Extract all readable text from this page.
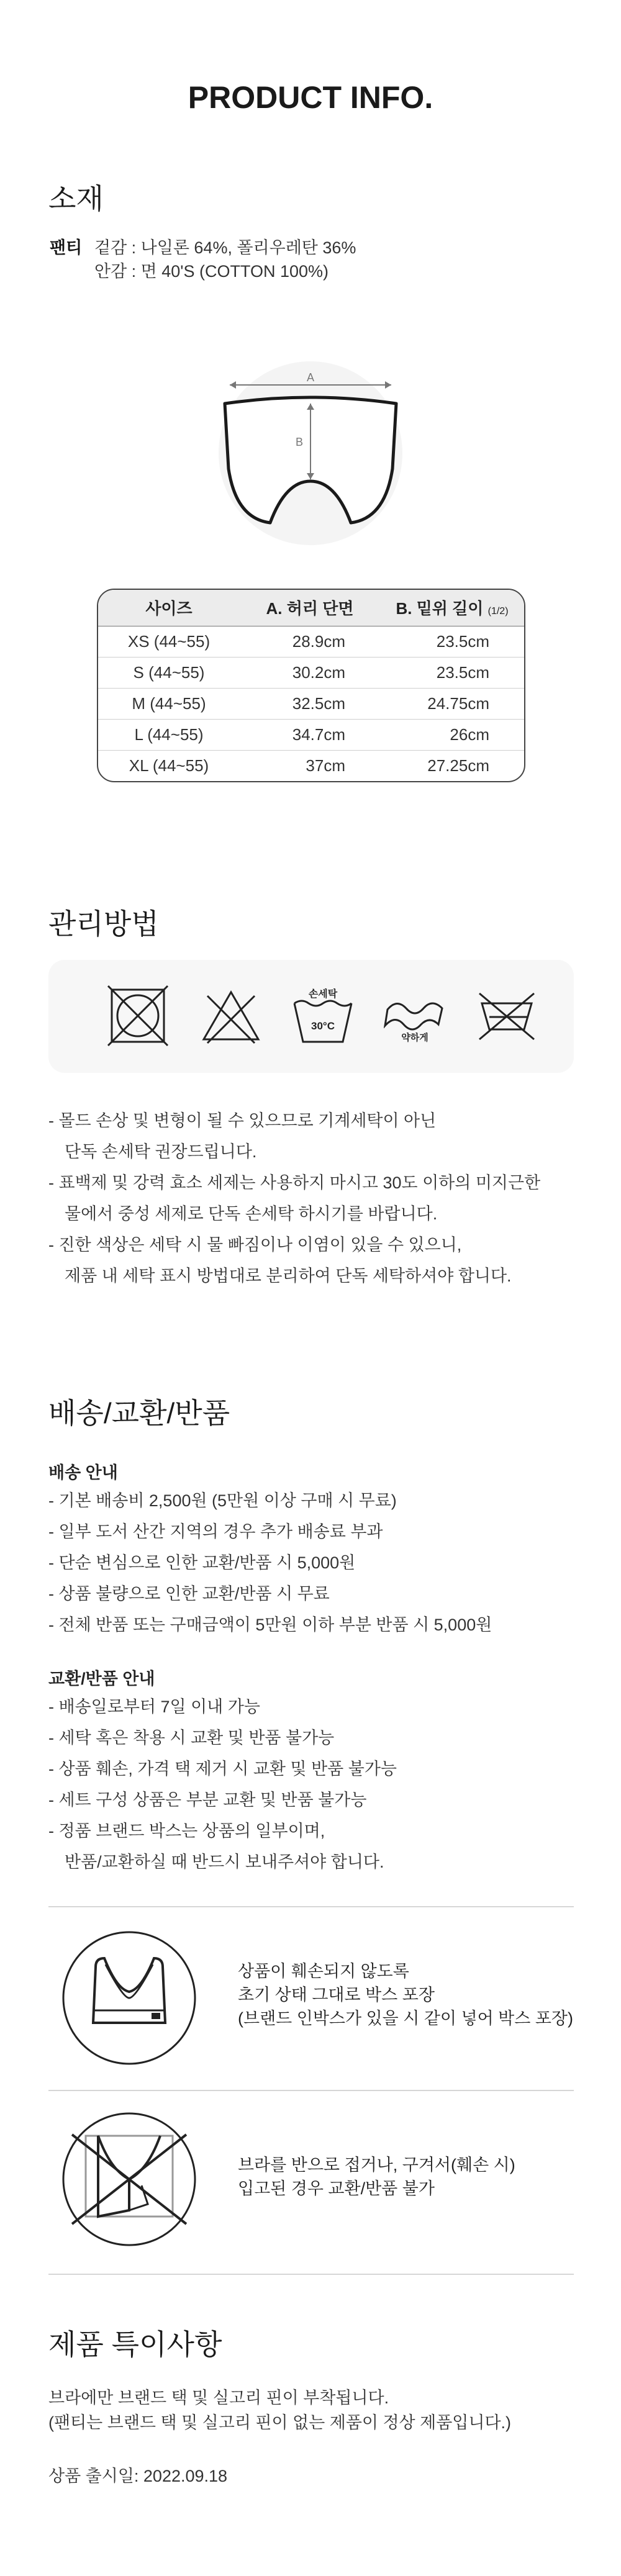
PRODUCT INFO.
소재
팬티 겉감 : 나일론 64%, 폴리우레탄 36%
안감 : 면 40'S (COTTON 100%)
A
B
사이즈	A. 허리 단면	B. 밑위 길이 (1/2)
XS (44~55)	28.9cm	23.5cm
S (44~55)	30.2cm	23.5cm
M (44~55)	32.5cm	24.75cm
L (44~55)	34.7cm	26cm
XL (44~55)	37cm	27.25cm
관리방법
손세탁
30°C
약하게
- 몰드 손상 및 변형이 될 수 있으므로 기계세탁이 아닌
단독 손세탁 권장드립니다.
- 표백제 및 강력 효소 세제는 사용하지 마시고 30도 이하의 미지근한
물에서 중성 세제로 단독 손세탁 하시기를 바랍니다.
- 진한 색상은 세탁 시 물 빠짐이나 이염이 있을 수 있으니,
제품 내 세탁 표시 방법대로 분리하여 단독 세탁하셔야 합니다.
배송/교환/반품
배송 안내
- 기본 배송비 2,500원 (5만원 이상 구매 시 무료)
- 일부 도서 산간 지역의 경우 추가 배송료 부과
- 단순 변심으로 인한 교환/반품 시 5,000원
- 상품 불량으로 인한 교환/반품 시 무료
- 전체 반품 또는 구매금액이 5만원 이하 부분 반품 시 5,000원
교환/반품 안내
- 배송일로부터 7일 이내 가능
- 세탁 혹은 착용 시 교환 및 반품 불가능
- 상품 훼손, 가격 택 제거 시 교환 및 반품 불가능
- 세트 구성 상품은 부분 교환 및 반품 불가능
- 정품 브랜드 박스는 상품의 일부이며,
반품/교환하실 때 반드시 보내주셔야 합니다.
상품이 훼손되지 않도록
초기 상태 그대로 박스 포장
(브랜드 인박스가 있을 시 같이 넣어 박스 포장)
브라를 반으로 접거나, 구겨서(훼손 시)
입고된 경우 교환/반품 불가
제품 특이사항
브라에만 브랜드 택 및 실고리 핀이 부착됩니다.
(팬티는 브랜드 택 및 실고리 핀이 없는 제품이 정상 제품입니다.)
상품 출시일: 2022.09.18
